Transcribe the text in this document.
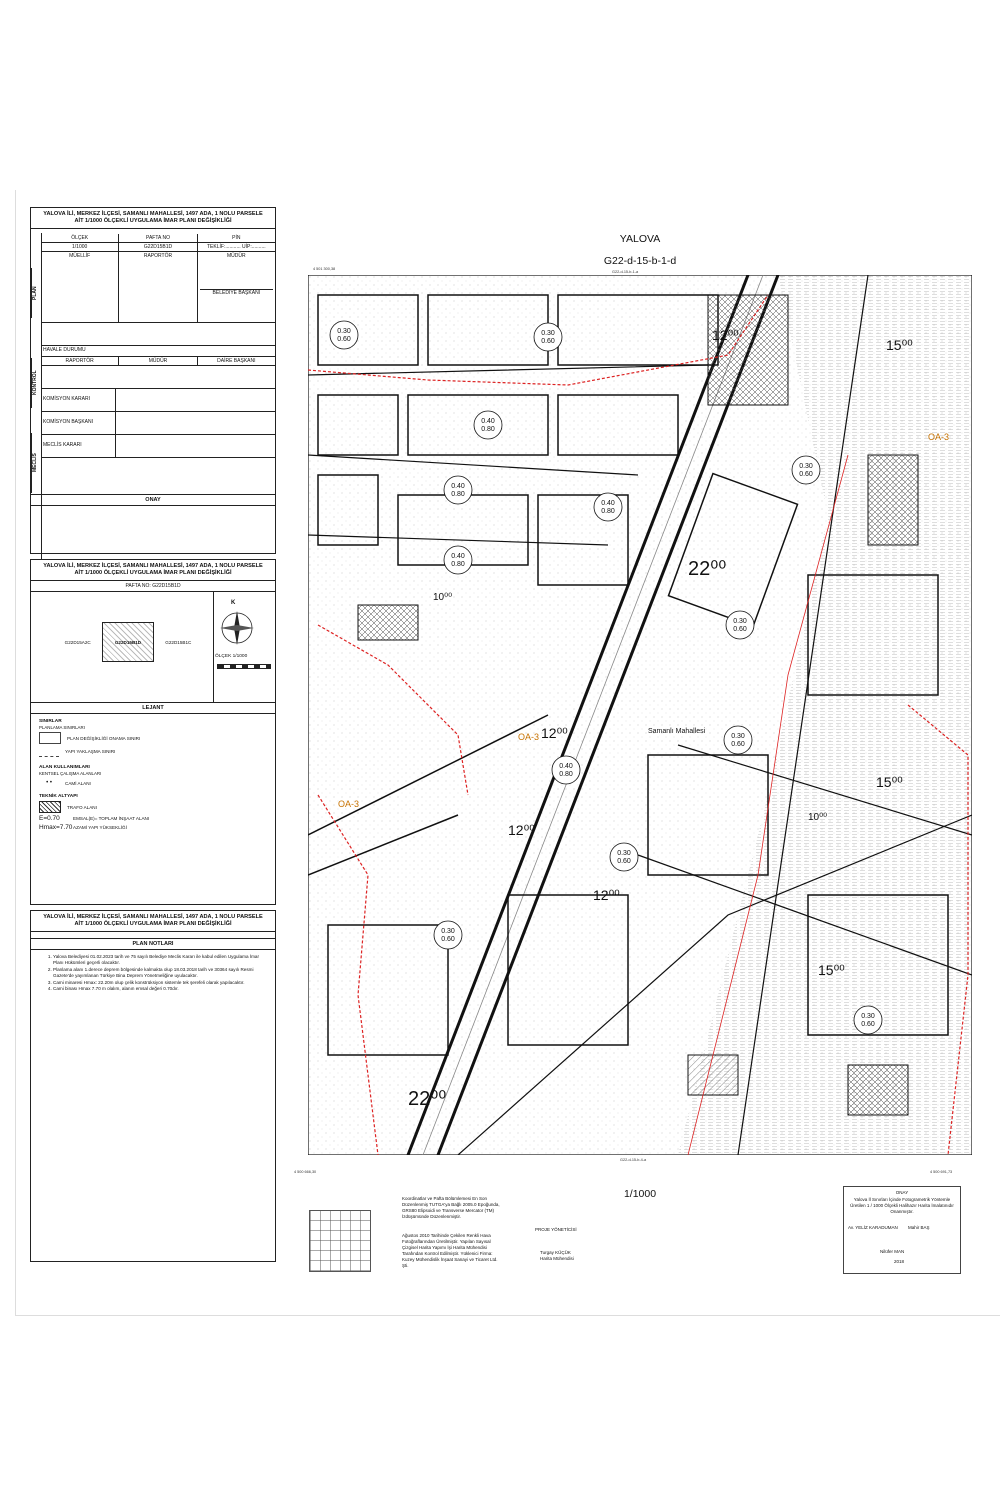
YALOVA İLİ, MERKEZ İLÇESİ, SAMANLI MAHALLESİ, 1497 ADA, 1 NOLU PARSELE AİT 1/1000 ÖLÇEKLİ UYGULAMA İMAR PLANI DEĞİŞİKLİĞİ
PLAN
KONTROL
MECLİS
ÖLÇEK	PAFTA NO	PİN
1/1000	G22D15B1D	TEKLİF:........... UİP:..........
MÜELLİF	RAPORTÖR	MÜDÜR
BELEDİYE BAŞKANI
HAVALE DURUMU
RAPORTÖR	MÜDÜR	DAİRE BAŞKANI
KOMİSYON KARARI
KOMİSYON BAŞKANI
MECLİS KARARI
ONAY
YALOVA İLİ, MERKEZ İLÇESİ, SAMANLI MAHALLESİ, 1497 ADA, 1 NOLU PARSELE AİT 1/1000 ÖLÇEKLİ UYGULAMA İMAR PLANI DEĞİŞİKLİĞİ
PAFTA NO: G22D15B1D
G22D15A2C	G22D15B1D	G22D15B1C
K
ÖLÇEK 1/1000
LEJANT
SINIRLAR
PLANLAMA SINIRLARI
PLAN DEĞİŞİKLİĞİ ONAMA SINIRI
YAPI YAKLAŞMA SINIRI
ALAN KULLANIMLARI
KENTSEL ÇALIŞMA ALANLARI
• •	CAMİ ALANI
TEKNİK ALTYAPI
TRAFO ALANI
E=0.70	EMSAL(E)= TOPLAM İNŞAAT ALANI
Hmax=7.70 AZAMİ YAPI YÜKSEKLİĞİ
YALOVA İLİ, MERKEZ İLÇESİ, SAMANLI MAHALLESİ, 1497 ADA, 1 NOLU PARSELE AİT 1/1000 ÖLÇEKLİ UYGULAMA İMAR PLANI DEĞİŞİKLİĞİ
PLAN NOTLARI
1. Yalova Belediyesi 01.02.2023 tarih ve 75 sayılı Belediye Meclis Kararı ile kabul edilen Uygulama İmar Planı Hükümleri geçerli olacaktır.
2. Planlama alanı 1.derece deprem bölgesinde kalmakta olup 18.03.2018 tarih ve 30364 sayılı Resmi Gazete'de yayımlanan Türkiye Bina Deprem Yönetmeliğine uyulacaktır.
3. Cami minaresi Hmax: 22.20m olup çelik konstrüksiyon sistemle tek şerefeli olarak yapılacaktır.
4. Cami binası Hmax 7.70 m olalım, alanın emsal değeri 0.70dır.
YALOVA
G22-d-15-b-1-d
G22-d-15-b-1-a
4 501 300,38
0.30
0.60
0.30
0.60
0.40
0.80
0.40
0.80
0.40
0.80
0.40
0.80
0.30
0.60
0.30
0.60
0.30
0.60
0.40
0.80
0.30
0.60
0.30
0.60
0.30
0.60
22⁰⁰
22⁰⁰
15⁰⁰
15⁰⁰
15⁰⁰
12⁰⁰
12⁰⁰
12⁰⁰
12⁰⁰
10⁰⁰
10⁰⁰
OA-3
OA-3
OA-3
Samanlı Mahallesi
G22-d-15-b-4-a
4 500 666,30	4 500 691,73
1/1000
Koordinatlar ve Pafta Bölümlemesi En Son Düzenlenmiş TUTGA'ya Bağlı 2005.0 Epoğunda, GRS80 Elipsoidi ve Transverse Mercator (TM) İzdüşümünde Düzenlenmiştir.
Ağustos 2010 Tarihinde Çekilen Renkli Hava Fotoğraflarından Üretilmiştir. Yapılan Sayısal Çizgisel Harita Yapımı İşi Harita Mühendisi Tarafından Kontrol Edilmiştir. Yüklenici Firma: Kuzey Mühendislik İnşaat Sanayi ve Ticaret Ltd. Şti.
PROJE YÖNETİCİSİ
Turgay KÜÇÜK
Harita Mühendisi
ONAY
Yalova İl Sınırları İçinde Fotogrametrik Yöntemle Üretilen 1 / 1000 Ölçekli Halihazır Harita İmalatınıdır Onanmıştır.
Av. YELİZ KARADUMAN Mahir BAŞ
Nilüfer MAN
2018
